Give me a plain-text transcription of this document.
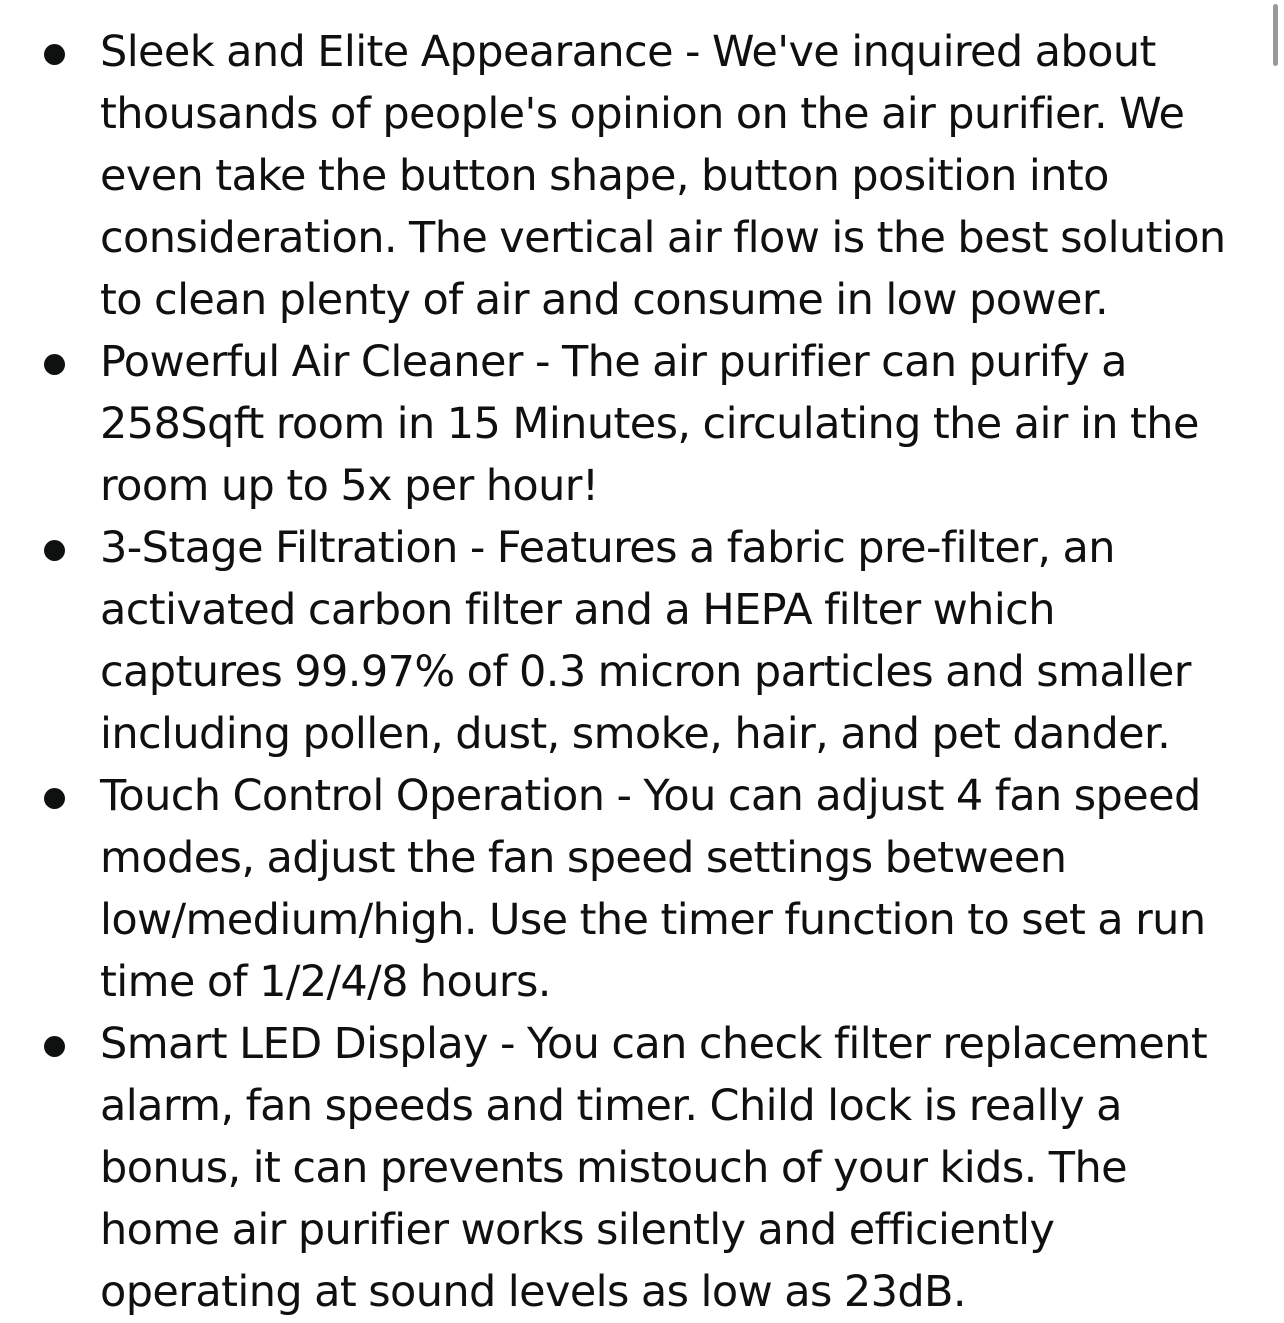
Sleek and Elite Appearance - We've inquired about thousands of people's opinion on the air purifier. We even take the button shape, button position into consideration. The vertical air flow is the best solution to clean plenty of air and consume in low power.
Powerful Air Cleaner - The air purifier can purify a 258Sqft room in 15 Minutes, circulating the air in the room up to 5x per hour!
3-Stage Filtration - Features a fabric pre-filter, an activated carbon filter and a HEPA filter which captures 99.97% of 0.3 micron particles and smaller including pollen, dust, smoke, hair, and pet dander.
Touch Control Operation - You can adjust 4 fan speed modes, adjust the fan speed settings between low/medium/high. Use the timer function to set a run time of 1/2/4/8 hours.
Smart LED Display - You can check filter replacement alarm, fan speeds and timer. Child lock is really a bonus, it can prevents mistouch of your kids. The home air purifier works silently and efficiently operating at sound levels as low as 23dB.
